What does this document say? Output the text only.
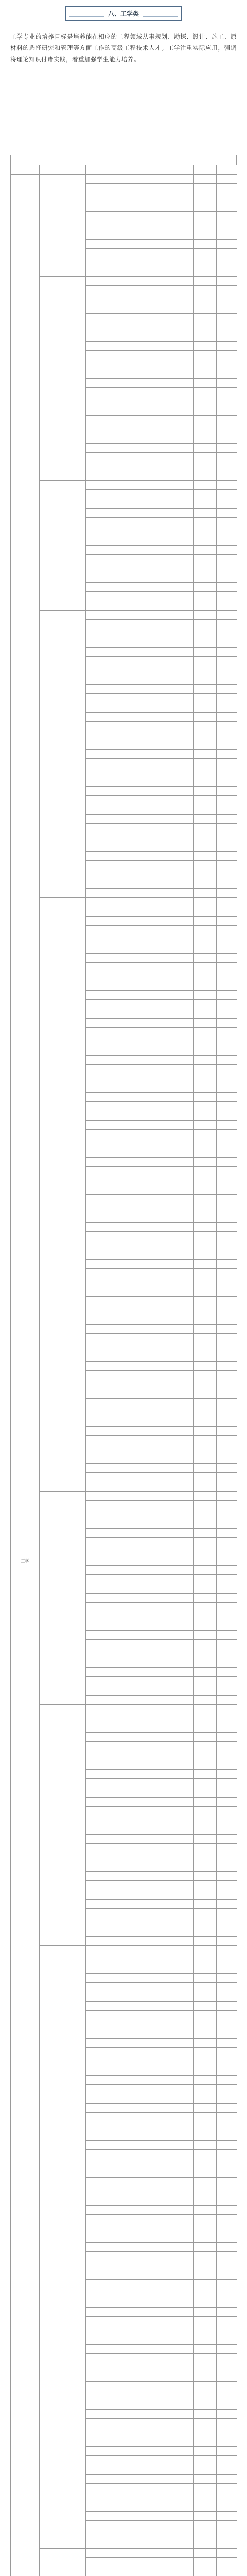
八、工学类
工学专业的培养目标是培养能在相应的工程领域从事规划、勘探、设计、施工、原材料的选择研究和管理等方面工作的高级工程技术人才。工学注重实际应用，强调将理论知识付诸实践，着重加强学生能力培养。

工学						
